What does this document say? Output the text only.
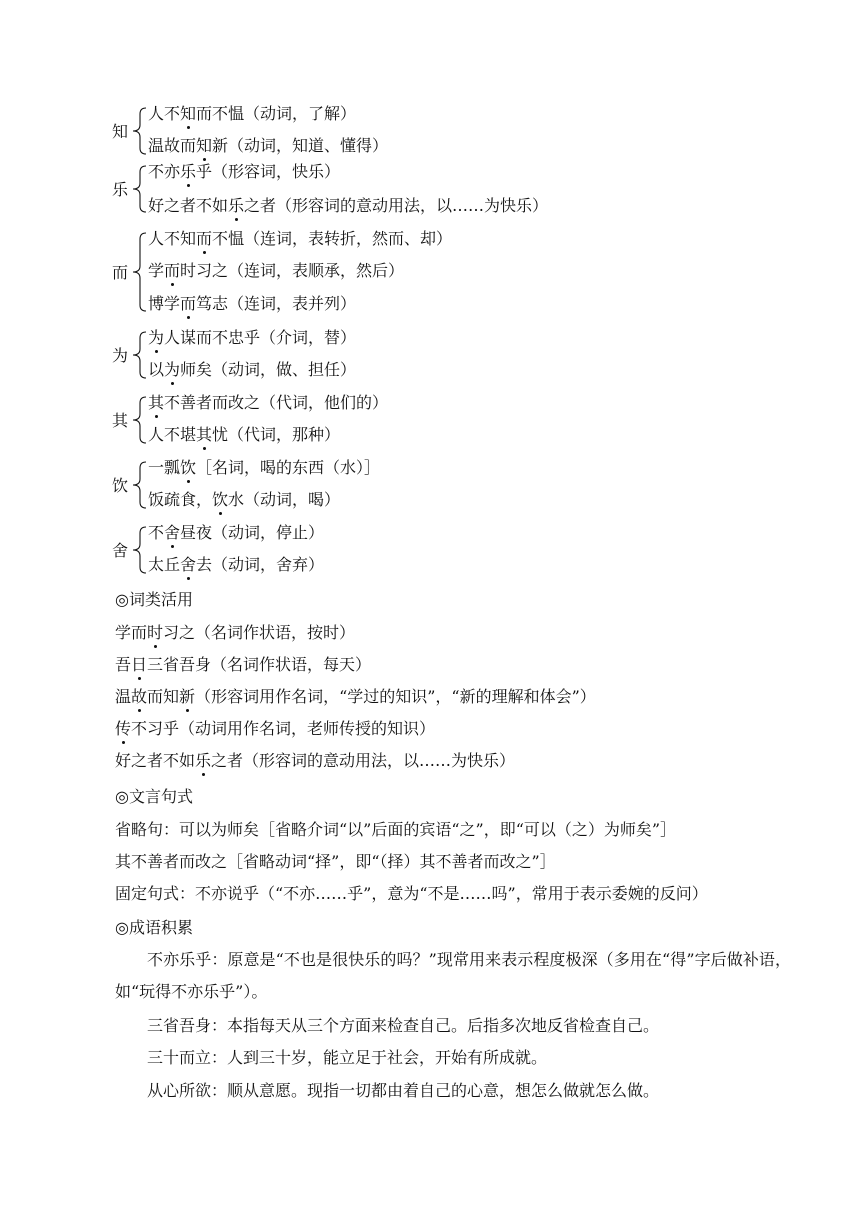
知
人不知而不愠（动词，了解）
温故而知新（动词，知道、懂得）
乐
不亦乐乎（形容词，快乐）
好之者不如乐之者（形容词的意动用法，以……为快乐）
而
人不知而不愠（连词，表转折，然而、却）
学而时习之（连词，表顺承，然后）
博学而笃志（连词，表并列）
为
为人谋而不忠乎（介词，替）
以为师矣（动词，做、担任）
其
其不善者而改之（代词，他们的）
人不堪其忧（代词，那种）
饮
一瓢饮［名词，喝的东西（水）］
饭疏食，饮水（动词，喝）
舍
不舍昼夜（动词，停止）
太丘舍去（动词，舍弃）
◎词类活用
学而时习之（名词作状语，按时）
吾日三省吾身（名词作状语，每天）
温故而知新（形容词用作名词，“学过的知识”，“新的理解和体会”）
传不习乎（动词用作名词，老师传授的知识）
好之者不如乐之者（形容词的意动用法，以……为快乐）
◎文言句式
省略句：可以为师矣［省略介词“以”后面的宾语“之”，即“可以（之）为师矣”］
其不善者而改之［省略动词“择”，即“（择）其不善者而改之”］
固定句式：不亦说乎（“不亦……乎”，意为“不是……吗”，常用于表示委婉的反问）
◎成语积累
不亦乐乎：原意是“不也是很快乐的吗？”现常用来表示程度极深（多用在“得”字后做补语，如“玩得不亦乐乎”）。
三省吾身：本指每天从三个方面来检查自己。后指多次地反省检查自己。
三十而立：人到三十岁，能立足于社会，开始有所成就。
从心所欲：顺从意愿。现指一切都由着自己的心意，想怎么做就怎么做。
